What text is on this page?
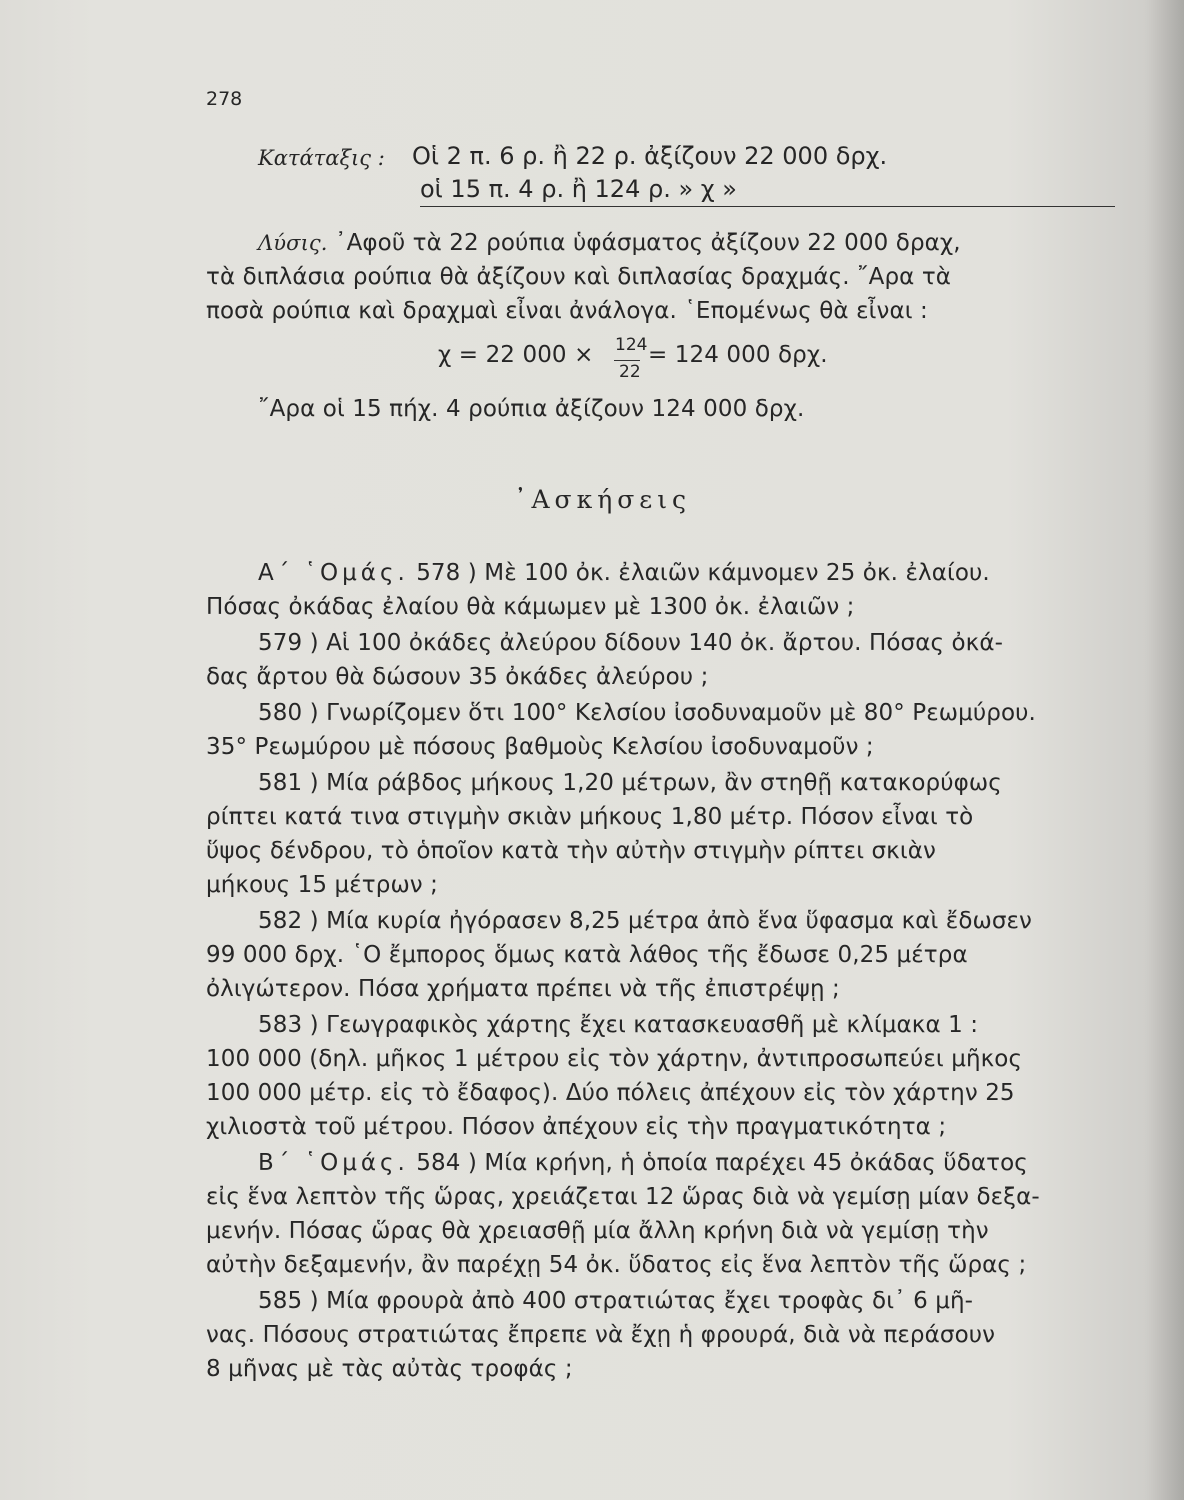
278
Κατάταξις : Οἱ 2 π. 6 ρ. ἢ 22 ρ. ἀξίζουν 22 000 δρχ.
οἱ 15 π. 4 ρ. ἢ 124 ρ. » χ »
Λύσις. ᾿Αφοῦ τὰ 22 ρούπια ὑφάσματος ἀξίζουν 22 000 δραχ,
τὰ διπλάσια ρούπια θὰ ἀξίζουν καὶ διπλασίας δραχμάς. ῎Αρα τὰ
ποσὰ ρούπια καὶ δραχμαὶ εἶναι ἀνάλογα. ῾Επομένως θὰ εἶναι :
χ = 22 000 × 124
22
= 124 000 δρχ.
῎Αρα οἱ 15 πήχ. 4 ρούπια ἀξίζουν 124 000 δρχ.
᾿Ασκήσεις
Α΄ ῾Ομάς. 578 ) Μὲ 100 ὀκ. ἐλαιῶν κάμνομεν 25 ὀκ. ἐλαίου.
Πόσας ὀκάδας ἐλαίου θὰ κάμωμεν μὲ 1300 ὀκ. ἐλαιῶν ;
579 ) Αἱ 100 ὀκάδες ἀλεύρου δίδουν 140 ὀκ. ἄρτου. Πόσας ὀκά-
δας ἄρτου θὰ δώσουν 35 ὀκάδες ἀλεύρου ;
580 ) Γνωρίζομεν ὅτι 100° Κελσίου ἰσοδυναμοῦν μὲ 80° Ρεωμύρου.
35° Ρεωμύρου μὲ πόσους βαθμοὺς Κελσίου ἰσοδυναμοῦν ;
581 ) Μία ράβδος μήκους 1,20 μέτρων, ἂν στηθῇ κατακορύφως
ρίπτει κατά τινα στιγμὴν σκιὰν μήκους 1,80 μέτρ. Πόσον εἶναι τὸ
ὕψος δένδρου, τὸ ὁποῖον κατὰ τὴν αὐτὴν στιγμὴν ρίπτει σκιὰν
μήκους 15 μέτρων ;
582 ) Μία κυρία ἠγόρασεν 8,25 μέτρα ἀπὸ ἕνα ὕφασμα καὶ ἔδωσεν
99 000 δρχ. ῾Ο ἔμπορος ὅμως κατὰ λάθος τῆς ἔδωσε 0,25 μέτρα
ὀλιγώτερον. Πόσα χρήματα πρέπει νὰ τῆς ἐπιστρέψῃ ;
583 ) Γεωγραφικὸς χάρτης ἔχει κατασκευασθῆ μὲ κλίμακα 1 :
100 000 (δηλ. μῆκος 1 μέτρου εἰς τὸν χάρτην, ἀντιπροσωπεύει μῆκος
100 000 μέτρ. εἰς τὸ ἔδαφος). Δύο πόλεις ἀπέχουν εἰς τὸν χάρτην 25
χιλιοστὰ τοῦ μέτρου. Πόσον ἀπέχουν εἰς τὴν πραγματικότητα ;
Β΄ ῾Ομάς. 584 ) Μία κρήνη, ἡ ὁποία παρέχει 45 ὀκάδας ὕδατος
εἰς ἕνα λεπτὸν τῆς ὥρας, χρειάζεται 12 ὥρας διὰ νὰ γεμίσῃ μίαν δεξα-
μενήν. Πόσας ὥρας θὰ χρειασθῇ μία ἄλλη κρήνη διὰ νὰ γεμίσῃ τὴν
αὐτὴν δεξαμενήν, ἂν παρέχῃ 54 ὀκ. ὕδατος εἰς ἕνα λεπτὸν τῆς ὥρας ;
585 ) Μία φρουρὰ ἀπὸ 400 στρατιώτας ἔχει τροφὰς δι᾿ 6 μῆ-
νας. Πόσους στρατιώτας ἔπρεπε νὰ ἔχῃ ἡ φρουρά, διὰ νὰ περάσουν
8 μῆνας μὲ τὰς αὐτὰς τροφάς ;
